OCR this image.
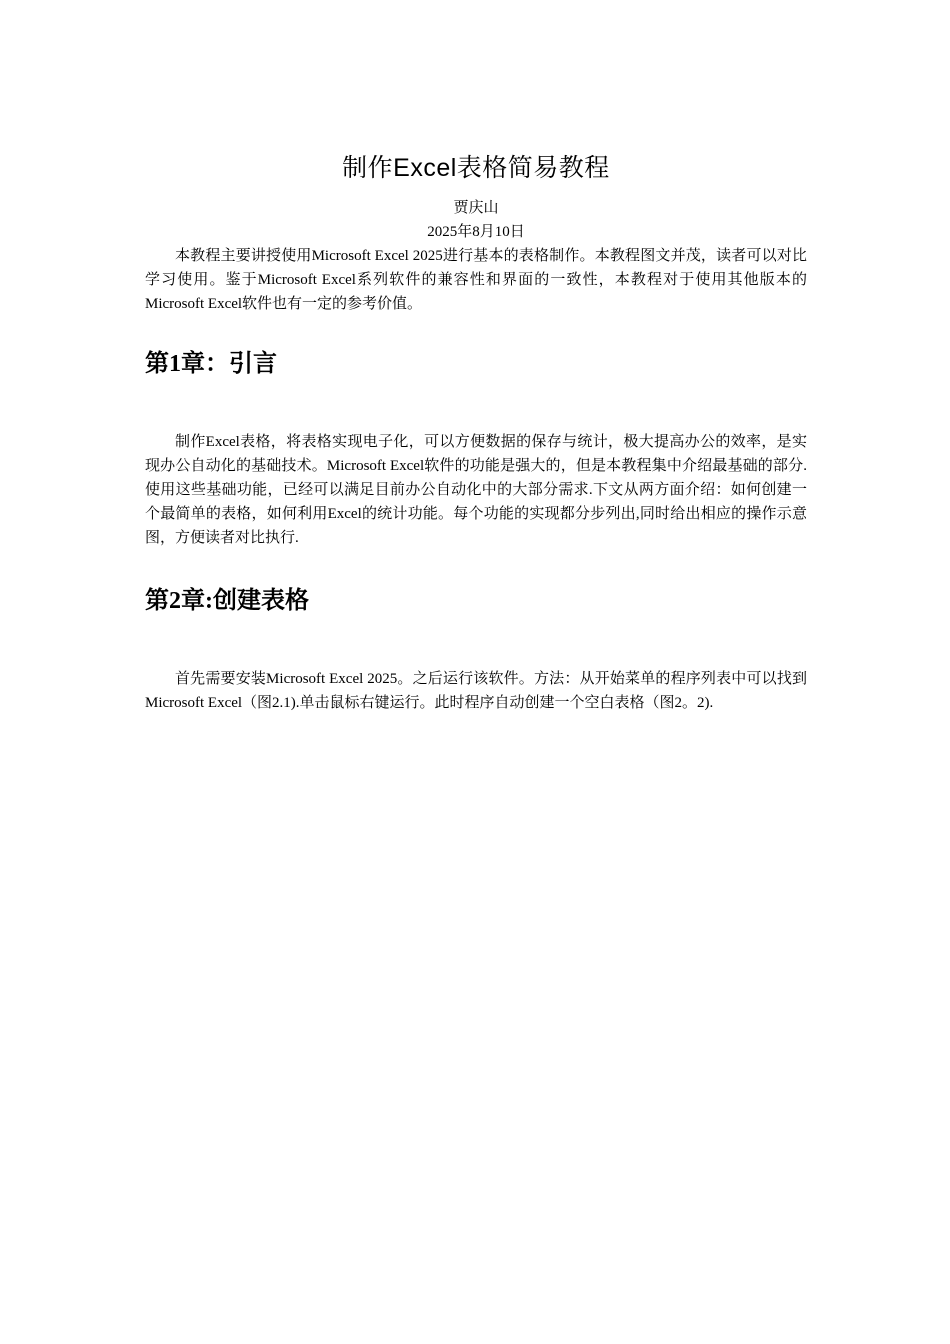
制作Excel表格简易教程
贾庆山
2025年8月10日

本教程主要讲授使用Microsoft Excel 2025进行基本的表格制作。本教程图文并茂，读者可以对比学习使用。鉴于Microsoft Excel系列软件的兼容性和界面的一致性，本教程对于使用其他版本的Microsoft Excel软件也有一定的参考价值。

第1章：引言

制作Excel表格，将表格实现电子化，可以方便数据的保存与统计，极大提高办公的效率，是实现办公自动化的基础技术。Microsoft Excel软件的功能是强大的，但是本教程集中介绍最基础的部分.使用这些基础功能，已经可以满足目前办公自动化中的大部分需求.下文从两方面介绍：如何创建一个最简单的表格，如何利用Excel的统计功能。每个功能的实现都分步列出,同时给出相应的操作示意图，方便读者对比执行.

第2章:创建表格

首先需要安装Microsoft Excel 2025。之后运行该软件。方法：从开始菜单的程序列表中可以找到Microsoft Excel（图2.1).单击鼠标右键运行。此时程序自动创建一个空白表格（图2。2).
